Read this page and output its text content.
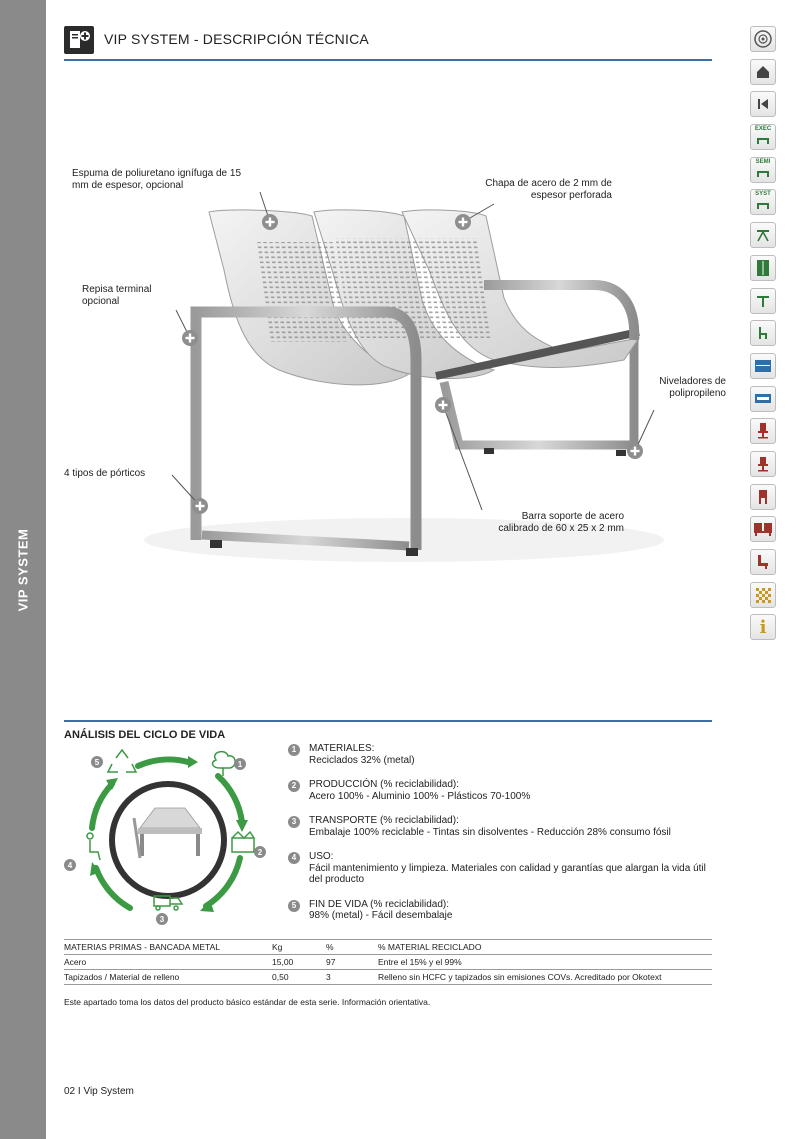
VIP SYSTEM
VIP SYSTEM - DESCRIPCIÓN TÉCNICA
EXEC
SEMI
SYST
i
Espuma de poliuretano ignífuga de 15 mm de espesor, opcional	Chapa de acero de 2 mm de espesor perforada
Repisa terminal opcional
Niveladores de polipropileno
4 tipos de pórticos
Barra soporte de acero calibrado de 60 x 25 x 2 mm
ANÁLISIS DEL CICLO DE VIDA
1
2
3
4
5
1	MATERIALES:
Reciclados 32% (metal)
2	PRODUCCIÓN (% reciclabilidad):
Acero 100% - Aluminio 100% - Plásticos 70-100%
3	TRANSPORTE (% reciclabilidad):
Embalaje 100% reciclable - Tintas sin disolventes - Reducción 28% consumo fósil
4	USO:
Fácil mantenimiento y limpieza. Materiales con calidad y garantías que alargan la vida útil del producto
5	FIN DE VIDA (% reciclabilidad):
98% (metal) - Fácil desembalaje
MATERIAS PRIMAS - BANCADA METAL	Kg	%	% MATERIAL RECICLADO
Acero	15,00	97	Entre el 15% y el 99%
Tapizados / Material de relleno	0,50	3	Relleno sin HCFC y tapizados sin emisiones COVs. Acreditado por Okotext
Este apartado toma los datos del producto básico estándar de esta serie. Información orientativa.
02 I Vip System
